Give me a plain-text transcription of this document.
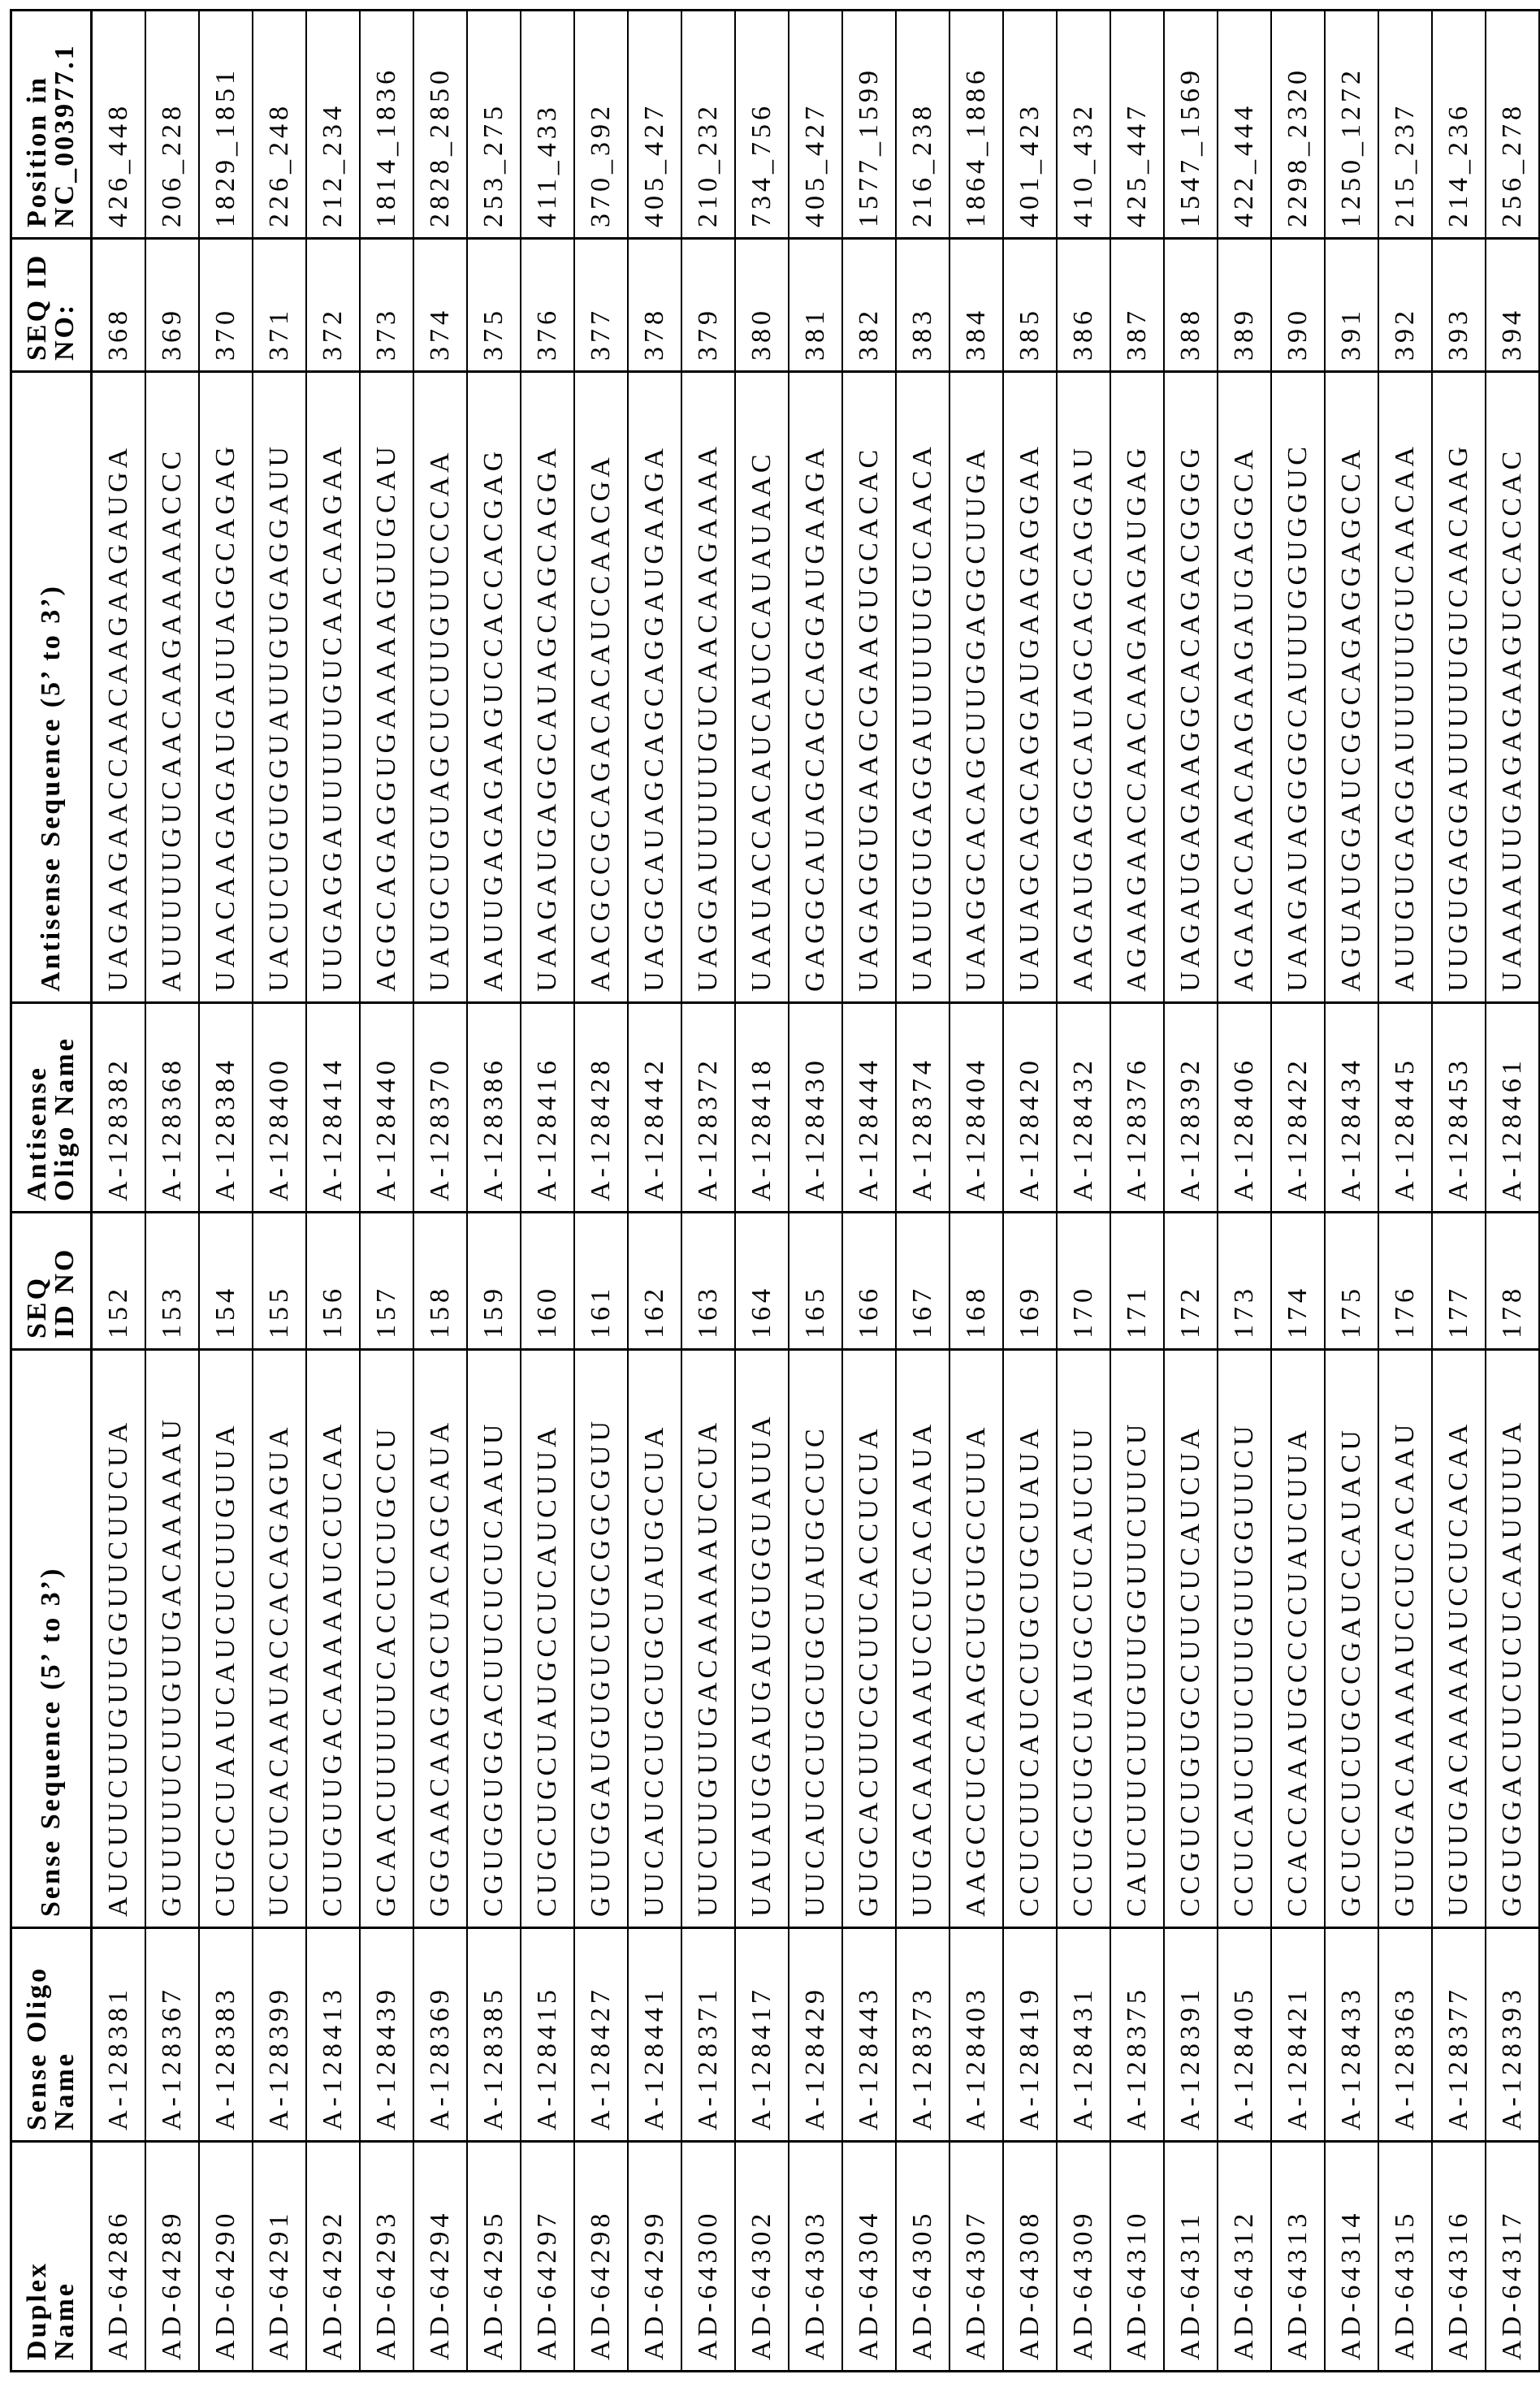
Duplex
Name

Sense Oligo
Name

Sense Sequence (5’ to 3’)

SEQ
ID NO

Antisense
Oligo Name

Antisense Sequence (5’ to 3’)

SEQ ID
NO:

Position in
NC_003977.1

AD-64286	A-128381	AUCUUCUUGUUGGUUCUUCUA	152	A-128382	UAGAAGAACCAACAAGAAGAUGA	368	426_448
AD-64289	A-128367	GUUUUUCUUGUUGACAAAAAU	153	A-128368	AUUUUUGUCAACAAGAAAAACCC	369	206_228
AD-64290	A-128383	CUGCCUAAUCAUCUCUUGUUA	154	A-128384	UAACAAGAGAUGAUUAGGCAGAG	370	1829_1851
AD-64291	A-128399	UCCUCACAAUACCACAGAGUA	155	A-128400	UACUCUGUGGUAUUGUGAGGAUU	371	226_248
AD-64292	A-128413	CUUGUUGACAAAAAUCCUCAA	156	A-128414	UUGAGGAUUUUUGUCAACAAGAA	372	212_234
AD-64293	A-128439	GCAACUUUUUCACCUCUGCCU	157	A-128440	AGGCAGAGGUGAAAAAGUUGCAU	373	1814_1836
AD-64294	A-128369	GGGAACAAGAGCUACAGCAUA	158	A-128370	UAUGCUGUAGCUCUUGUUCCCAA	374	2828_2850
AD-64295	A-128385	CGUGGUGGACUUCUCUCAAUU	159	A-128386	AAUUGAGAGAAGUCCACCACGAG	375	253_275
AD-64297	A-128415	CUGCUGCUAUGCCUCAUCUUA	160	A-128416	UAAGAUGAGGCAUAGCAGCAGGA	376	411_433
AD-64298	A-128427	GUUGGAUGUGUCUGCGGCGUU	161	A-128428	AACGCCGCAGACACAUCCAACGA	377	370_392
AD-64299	A-128441	UUCAUCCUGCUGCUAUGCCUA	162	A-128442	UAGGCAUAGCAGCAGGAUGAAGA	378	405_427
AD-64300	A-128371	UUCUUGUUGACAAAAAUCCUA	163	A-128372	UAGGAUUUUUGUCAACAAGAAAA	379	210_232
AD-64302	A-128417	UAUAUGGAUGAUGUGGUAUUA	164	A-128418	UAAUACCACAUCAUCCAUAUAAC	380	734_756
AD-64303	A-128429	UUCAUCCUGCUGCUAUGCCUC	165	A-128430	GAGGCAUAGCAGCAGGAUGAAGA	381	405_427
AD-64304	A-128443	GUGCACUUCGCUUCACCUCUA	166	A-128444	UAGAGGUGAAGCGAAGUGCACAC	382	1577_1599
AD-64305	A-128373	UUGACAAAAAUCCUCACAAUA	167	A-128374	UAUUGUGAGGAUUUUUGUCAACA	383	216_238
AD-64307	A-128403	AAGCCUCCAAGCUGUGCCUUA	168	A-128404	UAAGGCACAGCUUGGAGGCUUGA	384	1864_1886
AD-64308	A-128419	CCUCUUCAUCCUGCUGCUAUA	169	A-128420	UAUAGCAGCAGGAUGAAGAGGAA	385	401_423
AD-64309	A-128431	CCUGCUGCUAUGCCUCAUCUU	170	A-128432	AAGAUGAGGCAUAGCAGCAGGAU	386	410_432
AD-64310	A-128375	CAUCUUCUUGUUGGUUCUUCU	171	A-128376	AGAAGAACCAACAAGAAGAUGAG	387	425_447
AD-64311	A-128391	CCGUCUGUGCCUUCUCAUCUA	172	A-128392	UAGAUGAGAAGGCACAGACGGGG	388	1547_1569
AD-64312	A-128405	CCUCAUCUUCUUGUUGGUUCU	173	A-128406	AGAACCAACAAGAAGAUGAGGCA	389	422_444
AD-64313	A-128421	CCACCAAAUGCCCCUAUCUUA	174	A-128422	UAAGAUAGGGGCAUUUGGUGGUC	390	2298_2320
AD-64314	A-128433	GCUCCUCUGCCGAUCCAUACU	175	A-128434	AGUAUGGAUCGGCAGAGGAGCCA	391	1250_1272
AD-64315	A-128363	GUUGACAAAAAUCCUCACAAU	176	A-128445	AUUGUGAGGAUUUUUGUCAACAA	392	215_237
AD-64316	A-128377	UGUUGACAAAAAUCCUCACAA	177	A-128453	UUGUGAGGAUUUUUGUCAACAAG	393	214_236
AD-64317	A-128393	GGUGGACUUCUCUCAAUUUUA	178	A-128461	UAAAAUUGAGAGAAGUCCACCAC	394	256_278
